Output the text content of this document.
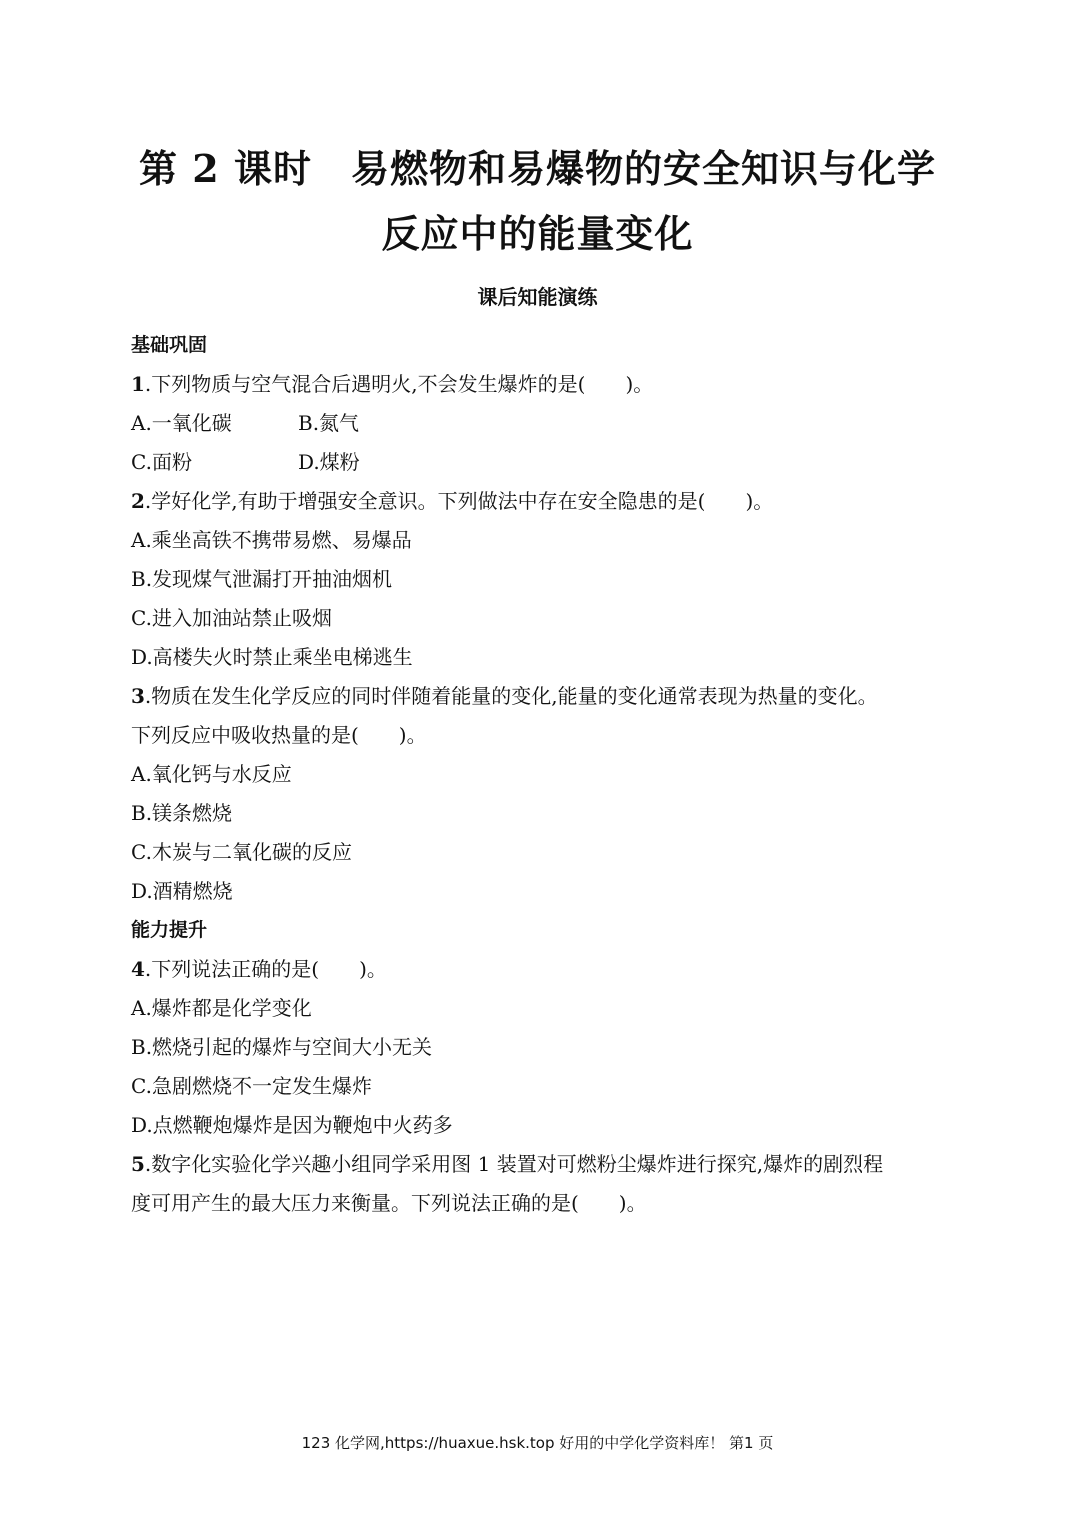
第 2 课时　易燃物和易爆物的安全知识与化学
反应中的能量变化
课后知能演练
基础巩固
1.下列物质与空气混合后遇明火,不会发生爆炸的是(　　)。
A.一氧化碳	B.氮气
C.面粉	D.煤粉
2.学好化学,有助于增强安全意识。下列做法中存在安全隐患的是(　　)。
A.乘坐高铁不携带易燃、易爆品
B.发现煤气泄漏打开抽油烟机
C.进入加油站禁止吸烟
D.高楼失火时禁止乘坐电梯逃生
3.物质在发生化学反应的同时伴随着能量的变化,能量的变化通常表现为热量的变化。
下列反应中吸收热量的是(　　)。
A.氧化钙与水反应
B.镁条燃烧
C.木炭与二氧化碳的反应
D.酒精燃烧
能力提升
4.下列说法正确的是(　　)。
A.爆炸都是化学变化
B.燃烧引起的爆炸与空间大小无关
C.急剧燃烧不一定发生爆炸
D.点燃鞭炮爆炸是因为鞭炮中火药多
5.数字化实验化学兴趣小组同学采用图 1 装置对可燃粉尘爆炸进行探究,爆炸的剧烈程
度可用产生的最大压力来衡量。下列说法正确的是(　　)。
123 化学网,https://huaxue.hsk.top 好用的中学化学资料库！ 第1 页
